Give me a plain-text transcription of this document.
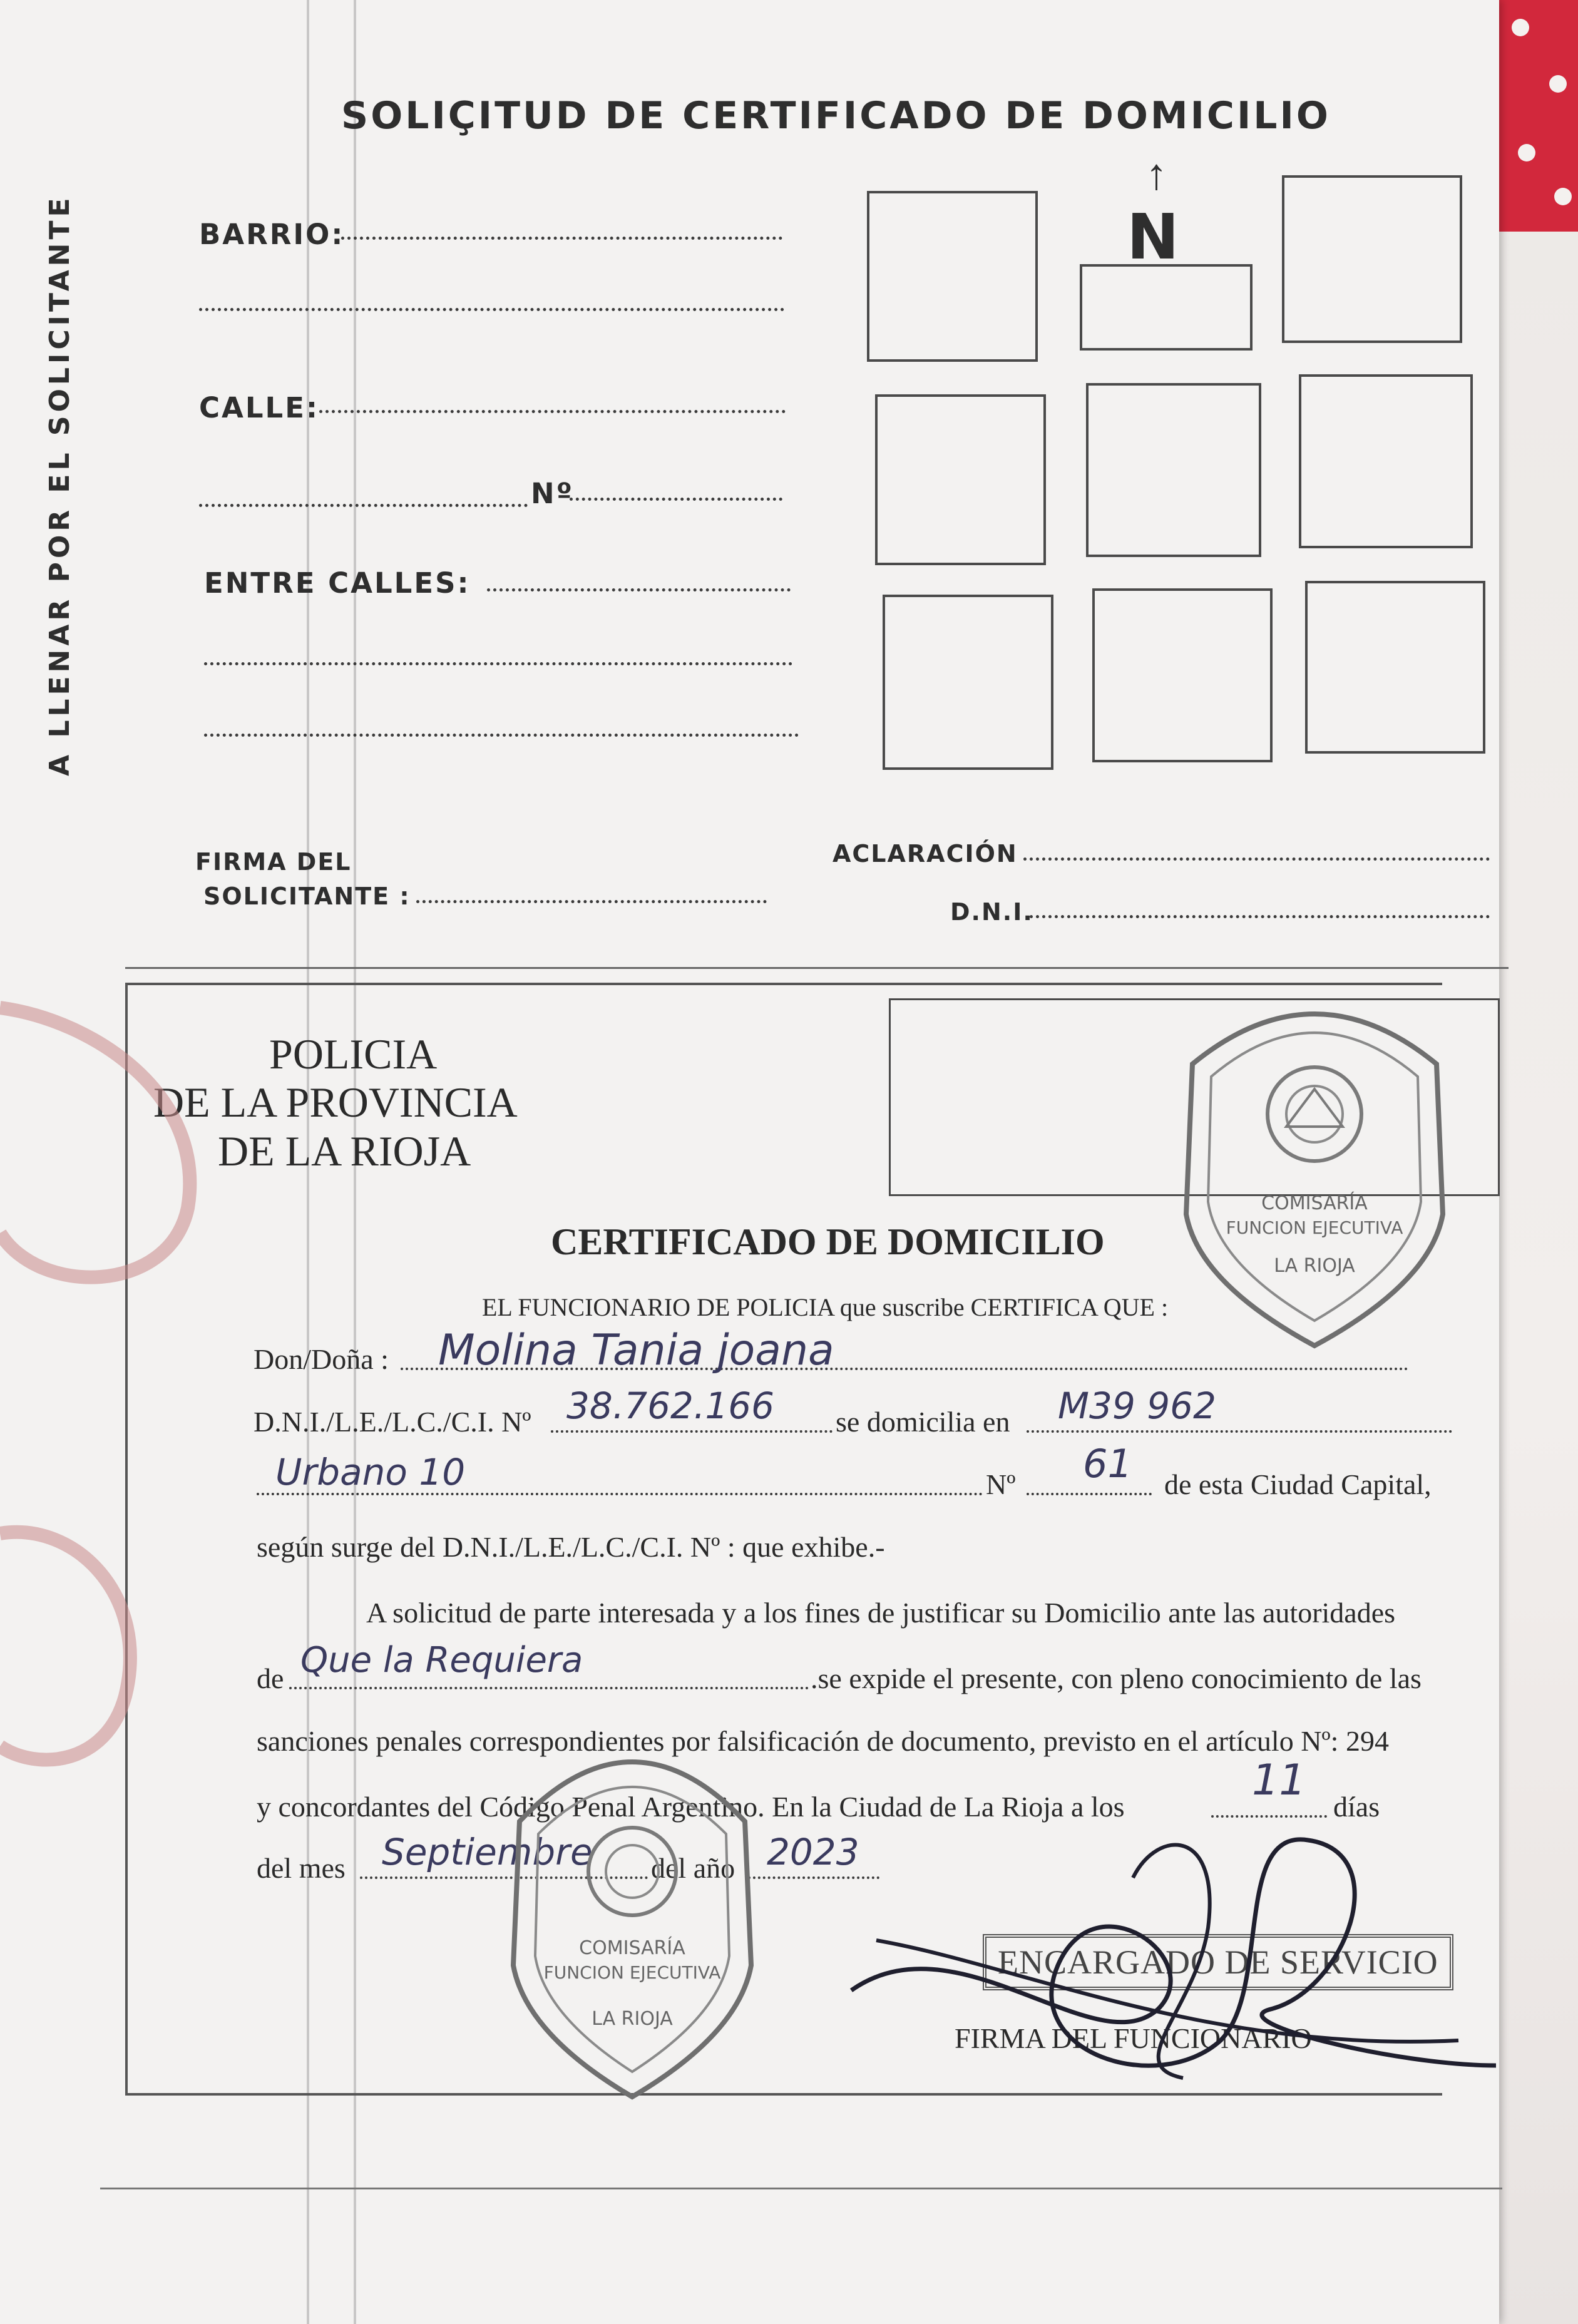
SOLIÇITUD DE CERTIFICADO DE DOMICILIO
A LLENAR POR EL SOLICITANTE	BARRIO:
CALLE:
Nº
ENTRE CALLES:
↑
N
FIRMA DEL
SOLICITANTE :
ACLARACIÓN
D.N.I.
POLICIA
DE LA PROVINCIA
DE LA RIOJA
CERTIFICADO DE DOMICILIO
EL FUNCIONARIO DE POLICIA que suscribe CERTIFICA QUE :
Don/Doña : Molina Tania joana
D.N.I./L.E./L.C./C.I. Nº 38.762.166 se domicilia en M39 962
Urbano 10	Nº 61 de esta Ciudad Capital,
según surge del D.N.I./L.E./L.C./C.I. Nº : que exhibe.-
A solicitud de parte interesada y a los fines de justificar su Domicilio ante las autoridades
de Que la Requiera	.se expide el presente, con pleno conocimiento de las
sanciones penales correspondientes por falsificación de documento, previsto en el artículo Nº: 294
y concordantes del Código Penal Argentino. En la Ciudad de La Rioja a los
11
días
del mes Septiembre del año 2023
ENCARGADO DE SERVICIO
FIRMA DEL FUNCIONARIO
COMISARÍA
FUNCION EJECUTIVA
LA RIOJA
COMISARÍA
FUNCION EJECUTIVA
LA RIOJA
